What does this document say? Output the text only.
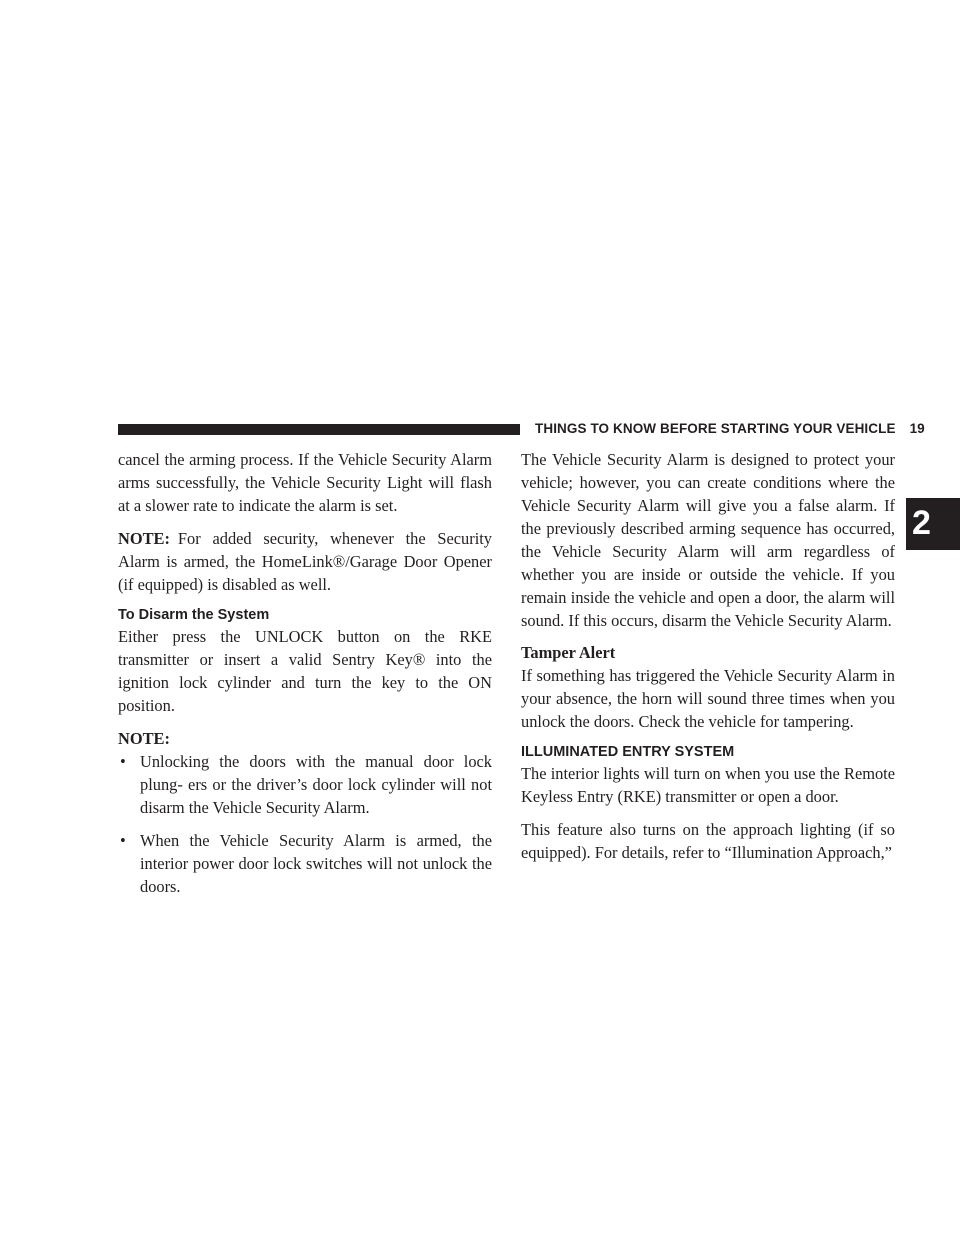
THINGS TO KNOW BEFORE STARTING YOUR VEHICLE 19
2

cancel the arming process. If the Vehicle Security Alarm arms successfully, the Vehicle Security Light will flash at a slower rate to indicate the alarm is set.

NOTE: For added security, whenever the Security Alarm is armed, the HomeLink®/Garage Door Opener (if equipped) is disabled as well.

To Disarm the System

Either press the UNLOCK button on the RKE transmitter or insert a valid Sentry Key® into the ignition lock cylinder and turn the key to the ON position.

NOTE:

• Unlocking the doors with the manual door lock plung- ers or the driver’s door lock cylinder will not disarm the Vehicle Security Alarm.
• When the Vehicle Security Alarm is armed, the interior power door lock switches will not unlock the doors.

The Vehicle Security Alarm is designed to protect your vehicle; however, you can create conditions where the Vehicle Security Alarm will give you a false alarm. If the previously described arming sequence has occurred, the Vehicle Security Alarm will arm regardless of whether you are inside or outside the vehicle. If you remain inside the vehicle and open a door, the alarm will sound. If this occurs, disarm the Vehicle Security Alarm.

Tamper Alert

If something has triggered the Vehicle Security Alarm in your absence, the horn will sound three times when you unlock the doors. Check the vehicle for tampering.

ILLUMINATED ENTRY SYSTEM

The interior lights will turn on when you use the Remote Keyless Entry (RKE) transmitter or open a door.

This feature also turns on the approach lighting (if so equipped). For details, refer to “Illumination Approach,”
